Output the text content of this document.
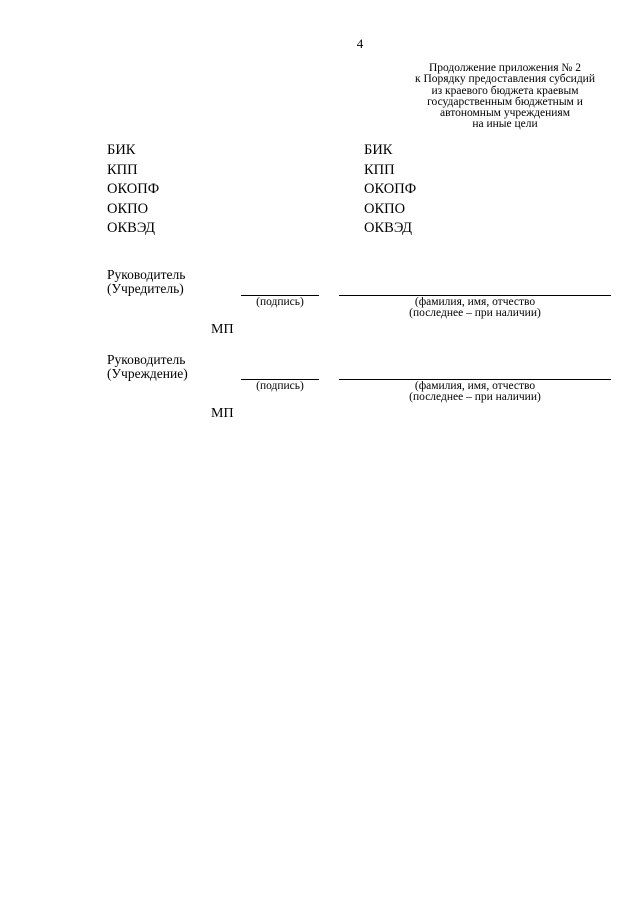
4
Продолжение приложения № 2
к Порядку предоставления субсидий
из краевого бюджета краевым
государственным бюджетным и
автономным учреждениям
на иные цели
БИК
КПП
ОКОПФ
ОКПО
ОКВЭД
БИК
КПП
ОКОПФ
ОКПО
ОКВЭД
Руководитель
(Учредитель)
(подпись)	(фамилия, имя, отчество
(последнее – при наличии)
МП
Руководитель
(Учреждение)
(подпись)	(фамилия, имя, отчество
(последнее – при наличии)
МП
